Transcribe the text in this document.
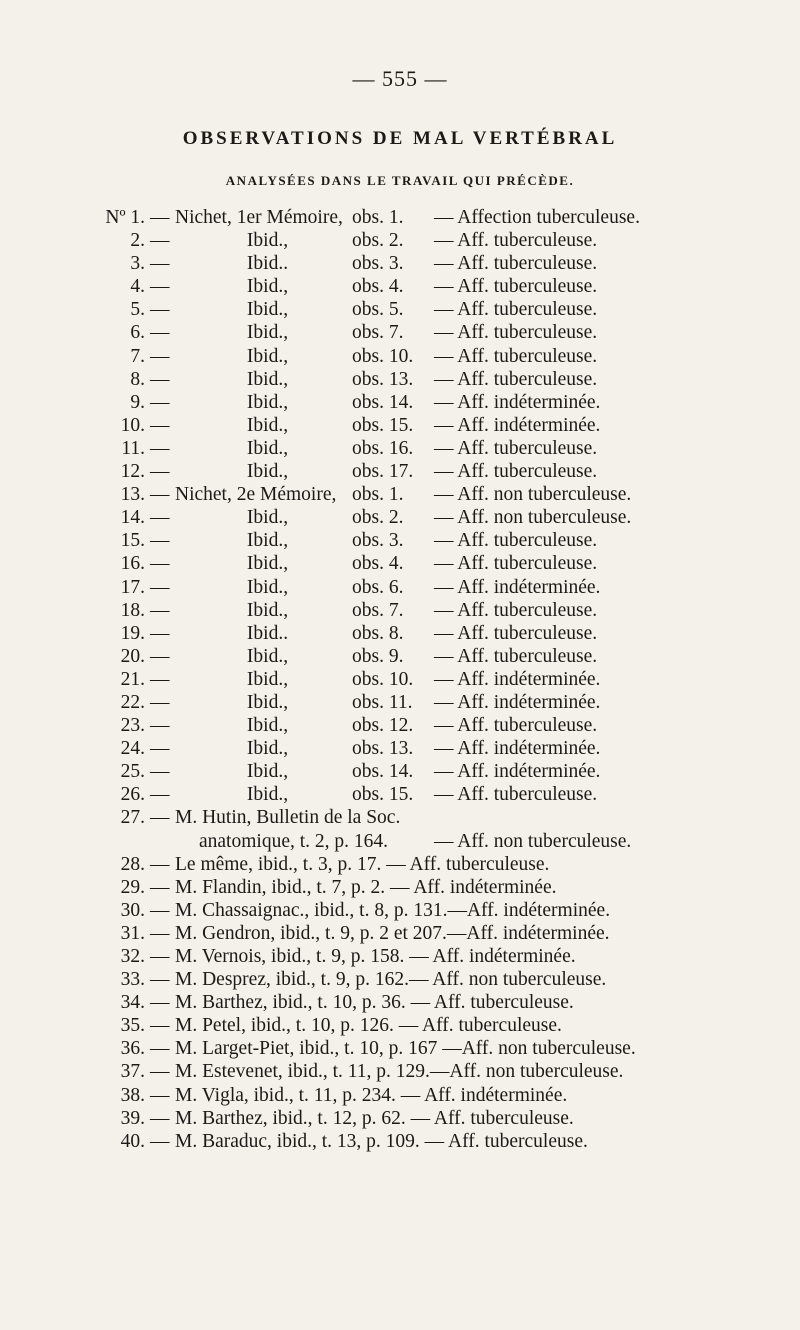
— 555 —
OBSERVATIONS DE MAL VERTÉBRAL
ANALYSÉES DANS LE TRAVAIL QUI PRÉCÈDE.
Nº 1. — Nichet, 1er Mémoire, obs. 1. — Affection tuberculeuse.
2. —	Ibid.,	obs. 2. — Aff. tuberculeuse.
3. —	Ibid..	obs. 3. — Aff. tuberculeuse.
4. —	Ibid.,	obs. 4. — Aff. tuberculeuse.
5. —	Ibid.,	obs. 5. — Aff. tuberculeuse.
6. —	Ibid.,	obs. 7. — Aff. tuberculeuse.
7. —	Ibid.,	obs. 10. — Aff. tuberculeuse.
8. —	Ibid.,	obs. 13. — Aff. tuberculeuse.
9. —	Ibid.,	obs. 14. — Aff. indéterminée.
10. —	Ibid.,	obs. 15. — Aff. indéterminée.
11. —	Ibid.,	obs. 16. — Aff. tuberculeuse.
12. —	Ibid.,	obs. 17. — Aff. tuberculeuse.
13. — Nichet, 2e Mémoire, obs. 1. — Aff. non tuberculeuse.
14. —	Ibid.,	obs. 2. — Aff. non tuberculeuse.
15. —	Ibid.,	obs. 3. — Aff. tuberculeuse.
16. —	Ibid.,	obs. 4. — Aff. tuberculeuse.
17. —	Ibid.,	obs. 6. — Aff. indéterminée.
18. —	Ibid.,	obs. 7. — Aff. tuberculeuse.
19. —	Ibid..	obs. 8. — Aff. tuberculeuse.
20. —	Ibid.,	obs. 9. — Aff. tuberculeuse.
21. —	Ibid.,	obs. 10. — Aff. indéterminée.
22. —	Ibid.,	obs. 11. — Aff. indéterminée.
23. —	Ibid.,	obs. 12. — Aff. tuberculeuse.
24. —	Ibid.,	obs. 13. — Aff. indéterminée.
25. —	Ibid.,	obs. 14. — Aff. indéterminée.
26. —	Ibid.,	obs. 15. — Aff. tuberculeuse.
27. — M. Hutin, Bulletin de la Soc.
anatomique, t. 2, p. 164. — Aff. non tuberculeuse.
28. — Le même, ibid., t. 3, p. 17. — Aff. tuberculeuse.
29. — M. Flandin, ibid., t. 7, p. 2. — Aff. indéterminée.
30. — M. Chassaignac., ibid., t. 8, p. 131.—Aff. indéterminée.
31. — M. Gendron, ibid., t. 9, p. 2 et 207.—Aff. indéterminée.
32. — M. Vernois, ibid., t. 9, p. 158. — Aff. indéterminée.
33. — M. Desprez, ibid., t. 9, p. 162.— Aff. non tuberculeuse.
34. — M. Barthez, ibid., t. 10, p. 36. — Aff. tuberculeuse.
35. — M. Petel, ibid., t. 10, p. 126. — Aff. tuberculeuse.
36. — M. Larget-Piet, ibid., t. 10, p. 167 —Aff. non tuberculeuse.
37. — M. Estevenet, ibid., t. 11, p. 129.—Aff. non tuberculeuse.
38. — M. Vigla, ibid., t. 11, p. 234. — Aff. indéterminée.
39. — M. Barthez, ibid., t. 12, p. 62. — Aff. tuberculeuse.
40. — M. Baraduc, ibid., t. 13, p. 109. — Aff. tuberculeuse.
